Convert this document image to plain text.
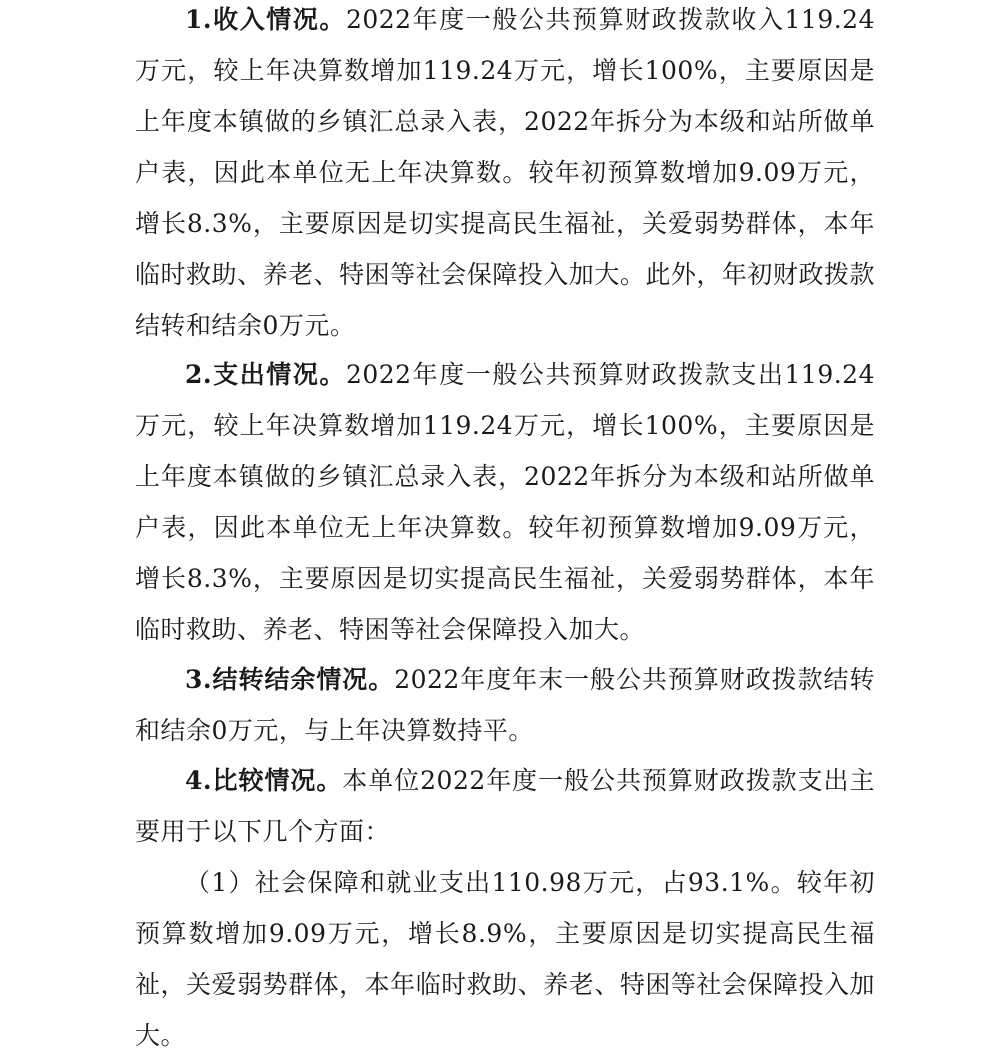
1.收入情况。2022年度一般公共预算财政拨款收入119.24万元，较上年决算数增加119.24万元，增长100%，主要原因是上年度本镇做的乡镇汇总录入表，2022年拆分为本级和站所做单户表，因此本单位无上年决算数。较年初预算数增加9.09万元，增长8.3%，主要原因是切实提高民生福祉，关爱弱势群体，本年临时救助、养老、特困等社会保障投入加大。此外，年初财政拨款结转和结余0万元。

2.支出情况。2022年度一般公共预算财政拨款支出119.24万元，较上年决算数增加119.24万元，增长100%，主要原因是上年度本镇做的乡镇汇总录入表，2022年拆分为本级和站所做单户表，因此本单位无上年决算数。较年初预算数增加9.09万元，增长8.3%，主要原因是切实提高民生福祉，关爱弱势群体，本年临时救助、养老、特困等社会保障投入加大。

3.结转结余情况。2022年度年末一般公共预算财政拨款结转和结余0万元，与上年决算数持平。

4.比较情况。本单位2022年度一般公共预算财政拨款支出主要用于以下几个方面：

（1）社会保障和就业支出110.98万元，占93.1%。较年初预算数增加9.09万元，增长8.9%，主要原因是切实提高民生福祉，关爱弱势群体，本年临时救助、养老、特困等社会保障投入加大。
